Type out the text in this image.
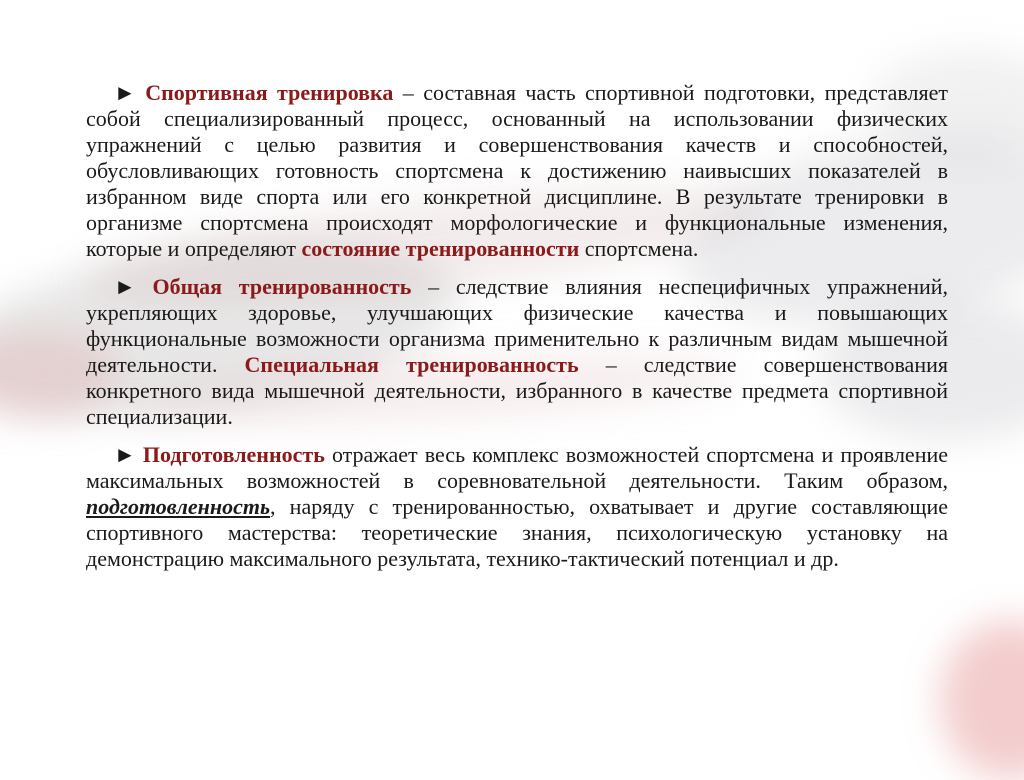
► Спортивная тренировка – составная часть спортивной подготовки, представляет собой специализированный процесс, основанный на использовании физических упражнений с целью развития и совершенствования качеств и способностей, обусловливающих готовность спортсмена к достижению наивысших показателей в избранном виде спорта или его конкретной дисциплине. В результате тренировки в организме спортсмена происходят морфологические и функциональные изменения, которые и определяют состояние тренированности спортсмена.

► Общая тренированность – следствие влияния неспецифичных упражнений, укрепляющих здоровье, улучшающих физические качества и повышающих функциональные возможности организма применительно к различным видам мышечной деятельности. Специальная тренированность – следствие совершенствования конкретного вида мышечной деятельности, избранного в качестве предмета спортивной специализации.

► Подготовленность отражает весь комплекс возможностей спортсмена и проявление максимальных возможностей в соревновательной деятельности. Таким образом, подготовленность, наряду с тренированностью, охватывает и другие составляющие спортивного мастерства: теоретические знания, психологическую установку на демонстрацию максимального результата, технико-тактический потенциал и др.
